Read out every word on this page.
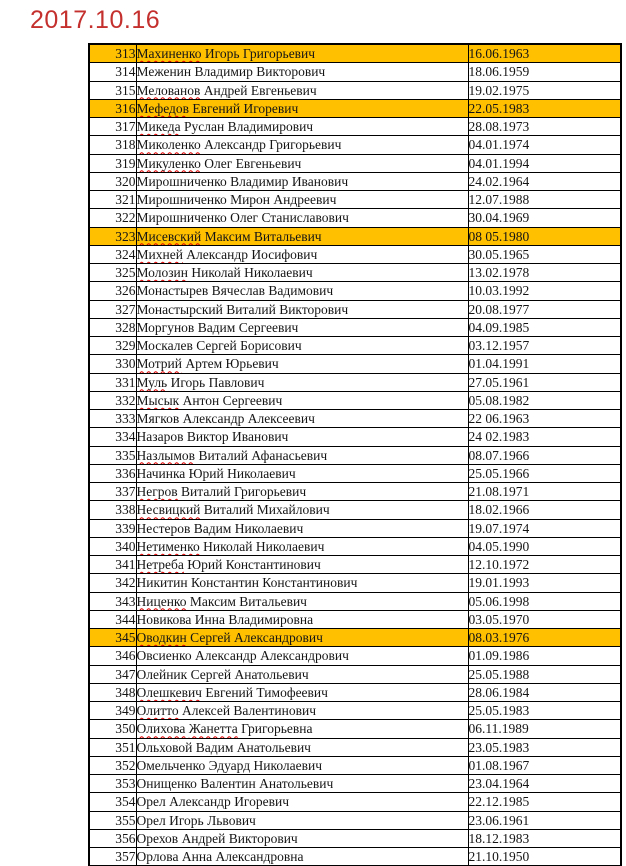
2017.10.16
313	Махиненко Игорь Григорьевич	16.06.1963
314	Меженин Владимир Викторович	18.06.1959
315	Мелованов Андрей Евгеньевич	19.02.1975
316	Мефедов Евгений Игоревич	22.05.1983
317	Микеда Руслан Владимирович	28.08.1973
318	Миколенко Александр Григорьевич	04.01.1974
319	Микуленко Олег Евгеньевич	04.01.1994
320	Мирошниченко Владимир Иванович	24.02.1964
321	Мирошниченко Мирон Андреевич	12.07.1988
322	Мирошниченко Олег Станиславович	30.04.1969
323	Мисевский Максим Витальевич	08 05.1980
324	Михней Александр Иосифович	30.05.1965
325	Молозин Николай Николаевич	13.02.1978
326	Монастырев Вячеслав Вадимович	10.03.1992
327	Монастырский Виталий Викторович	20.08.1977
328	Моргунов Вадим Сергеевич	04.09.1985
329	Москалев Сергей Борисович	03.12.1957
330	Мотрий Артем Юрьевич	01.04.1991
331	Муль Игорь Павлович	27.05.1961
332	Мысык Антон Сергеевич	05.08.1982
333	Мягков Александр Алексеевич	22 06.1963
334	Назаров Виктор Иванович	24 02.1983
335	Назлымов Виталий Афанасьевич	08.07.1966
336	Начинка Юрий Николаевич	25.05.1966
337	Негров Виталий Григорьевич	21.08.1971
338	Несвицкий Виталий Михайлович	18.02.1966
339	Нестеров Вадим Николаевич	19.07.1974
340	Нетименко Николай Николаевич	04.05.1990
341	Нетреба Юрий Константинович	12.10.1972
342	Никитин Константин Константинович	19.01.1993
343	Ниценко Максим Витальевич	05.06.1998
344	Новикова Инна Владимировна	03.05.1970
345	Оводкин Сергей Александрович	08.03.1976
346	Овсиенко Александр Александрович	01.09.1986
347	Олейник Сергей Анатольевич	25.05.1988
348	Олешкевич Евгений Тимофеевич	28.06.1984
349	Олитто Алексей Валентинович	25.05.1983
350	Олихова Жанетта Григорьевна	06.11.1989
351	Ольховой Вадим Анатольевич	23.05.1983
352	Омельченко Эдуард Николаевич	01.08.1967
353	Онищенко Валентин Анатольевич	23.04.1964
354	Орел Александр Игоревич	22.12.1985
355	Орел Игорь Львович	23.06.1961
356	Орехов Андрей Викторович	18.12.1983
357	Орлова Анна Александровна	21.10.1950
